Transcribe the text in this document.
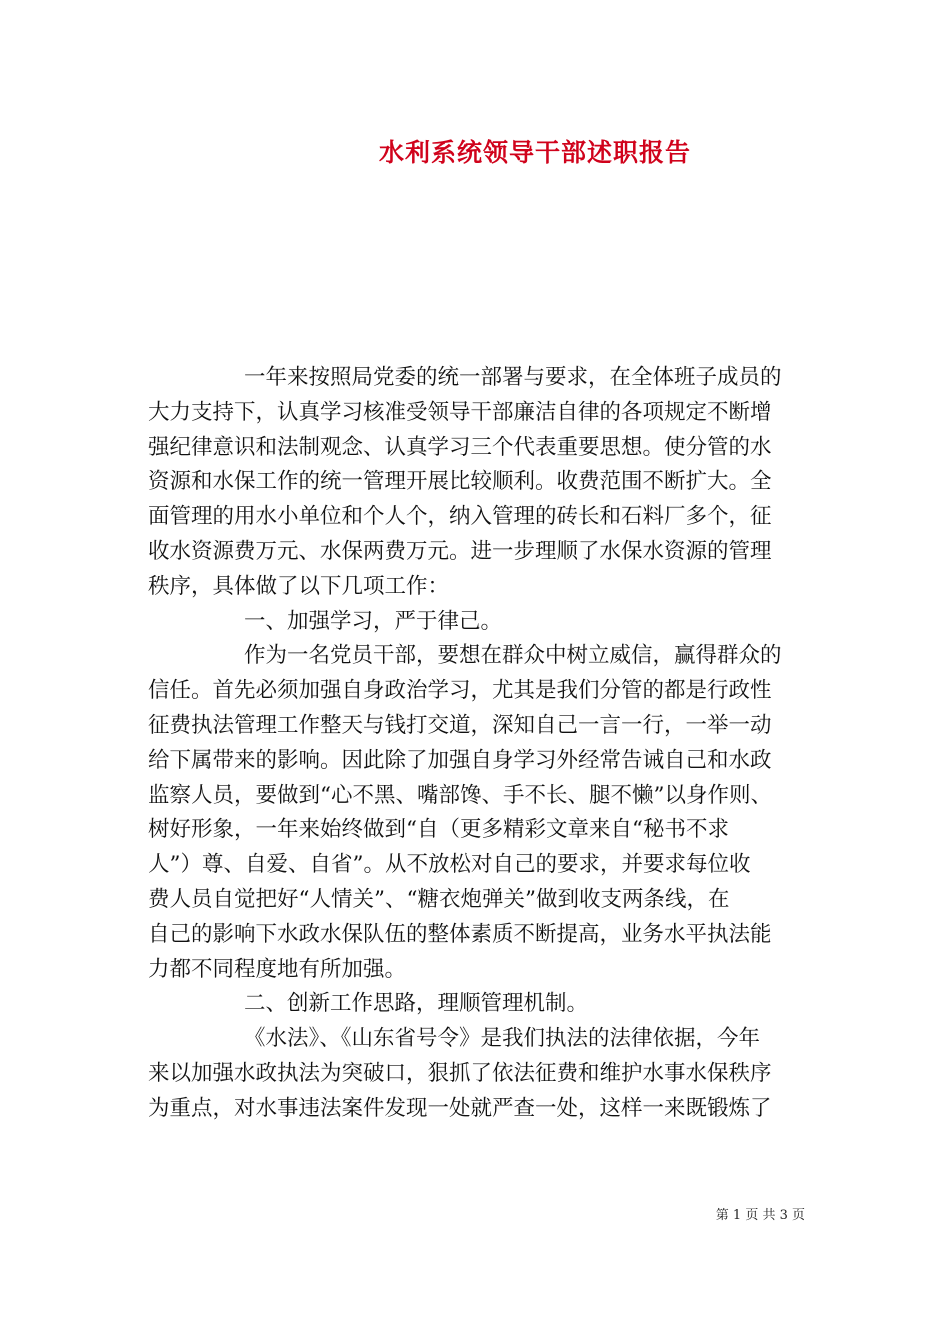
水利系统领导干部述职报告
一年来按照局党委的统一部署与要求，在全体班子成员的
大力支持下，认真学习核准受领导干部廉洁自律的各项规定不断增
强纪律意识和法制观念、认真学习三个代表重要思想。使分管的水
资源和水保工作的统一管理开展比较顺利。收费范围不断扩大。全
面管理的用水小单位和个人个，纳入管理的砖长和石料厂多个，征
收水资源费万元、水保两费万元。进一步理顺了水保水资源的管理
秩序，具体做了以下几项工作：
一、加强学习，严于律己。
作为一名党员干部，要想在群众中树立威信，赢得群众的
信任。首先必须加强自身政治学习，尤其是我们分管的都是行政性
征费执法管理工作整天与钱打交道，深知自己一言一行，一举一动
给下属带来的影响。因此除了加强自身学习外经常告诫自己和水政
监察人员，要做到“心不黑、嘴部馋、手不长、腿不懒”以身作则、
树好形象，一年来始终做到“自（更多精彩文章来自“秘书不求
人”）尊、自爱、自省”。从不放松对自己的要求，并要求每位收
费人员自觉把好“人情关”、“糖衣炮弹关”做到收支两条线，在
自己的影响下水政水保队伍的整体素质不断提高，业务水平执法能
力都不同程度地有所加强。
二、创新工作思路，理顺管理机制。
《水法》、《山东省号令》是我们执法的法律依据，今年
来以加强水政执法为突破口，狠抓了依法征费和维护水事水保秩序
为重点，对水事违法案件发现一处就严查一处，这样一来既锻炼了
第 1 页 共 3 页
